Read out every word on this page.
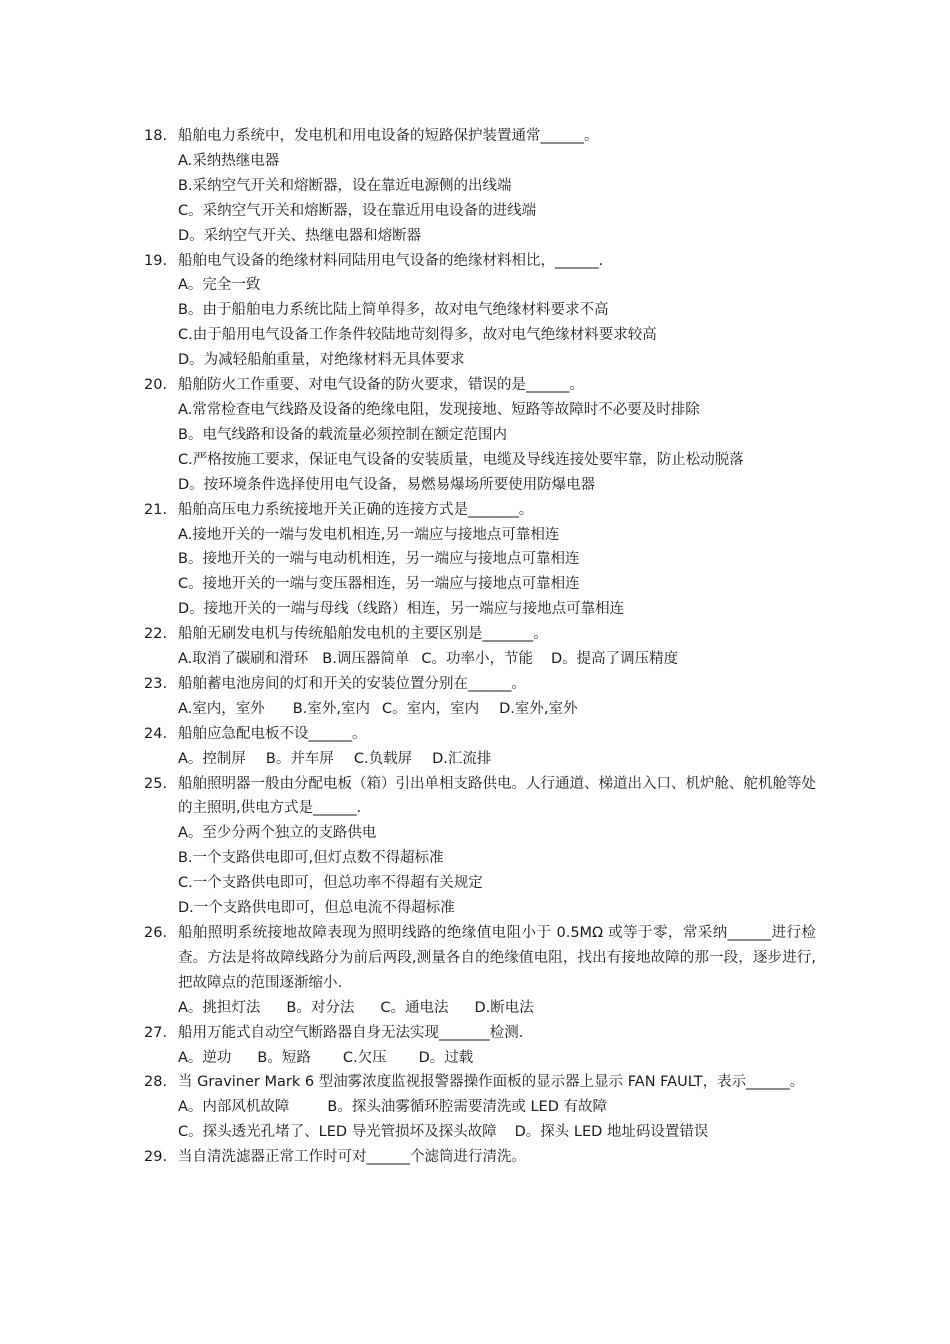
18. 船舶电力系统中，发电机和用电设备的短路保护装置通常______。
A.采纳热继电器
B.采纳空气开关和熔断器，设在靠近电源侧的出线端
C。采纳空气开关和熔断器，设在靠近用电设备的进线端
D。采纳空气开关、热继电器和熔断器
19. 船舶电气设备的绝缘材料同陆用电气设备的绝缘材料相比，______.
A。完全一致
B。由于船舶电力系统比陆上简单得多，故对电气绝缘材料要求不高
C.由于船用电气设备工作条件较陆地苛刻得多，故对电气绝缘材料要求较高
D。为减轻船舶重量，对绝缘材料无具体要求
20. 船舶防火工作重要、对电气设备的防火要求，错误的是______。
A.常常检查电气线路及设备的绝缘电阻，发现接地、短路等故障时不必要及时排除
B。电气线路和设备的载流量必须控制在额定范围内
C.严格按施工要求，保证电气设备的安装质量，电缆及导线连接处要牢靠，防止松动脱落
D。按环境条件选择使用电气设备，易燃易爆场所要使用防爆电器
21. 船舶高压电力系统接地开关正确的连接方式是_______。
A.接地开关的一端与发电机相连,另一端应与接地点可靠相连
B。接地开关的一端与电动机相连，另一端应与接地点可靠相连
C。接地开关的一端与变压器相连，另一端应与接地点可靠相连
D。接地开关的一端与母线（线路）相连，另一端应与接地点可靠相连
22. 船舶无刷发电机与传统船舶发电机的主要区别是_______。
A.取消了碳刷和滑环 B.调压器简单 C。功率小，节能 D。提高了调压精度
23. 船舶蓄电池房间的灯和开关的安装位置分别在______。
A.室内，室外 B.室外,室内 C。室内，室内 D.室外,室外
24. 船舶应急配电板不设______。
A。控制屏 B。并车屏 C.负载屏 D.汇流排
25. 船舶照明器一般由分配电板（箱）引出单相支路供电。人行通道、梯道出入口、机炉舱、舵机舱等处的主照明,供电方式是______.
A。至少分两个独立的支路供电
B.一个支路供电即可,但灯点数不得超标准
C.一个支路供电即可，但总功率不得超有关规定
D.一个支路供电即可，但总电流不得超标准
26. 船舶照明系统接地故障表现为照明线路的绝缘值电阻小于 0.5MΩ 或等于零，常采纳______进行检查。方法是将故障线路分为前后两段,测量各自的绝缘值电阻，找出有接地故障的那一段，逐步进行,把故障点的范围逐渐缩小.
A。挑担灯法 B。对分法 C。通电法 D.断电法
27. 船用万能式自动空气断路器自身无法实现_______检测.
A。逆功 B。短路 C.欠压 D。过载
28. 当 Graviner Mark 6 型油雾浓度监视报警器操作面板的显示器上显示 FAN FAULT，表示______。
A。内部风机故障	B。探头油雾循环腔需要清洗或 LED 有故障
C。探头透光孔堵了、LED 导光管损坏及探头故障 D。探头 LED 地址码设置错误
29. 当自清洗滤器正常工作时可对______个滤筒进行清洗。
